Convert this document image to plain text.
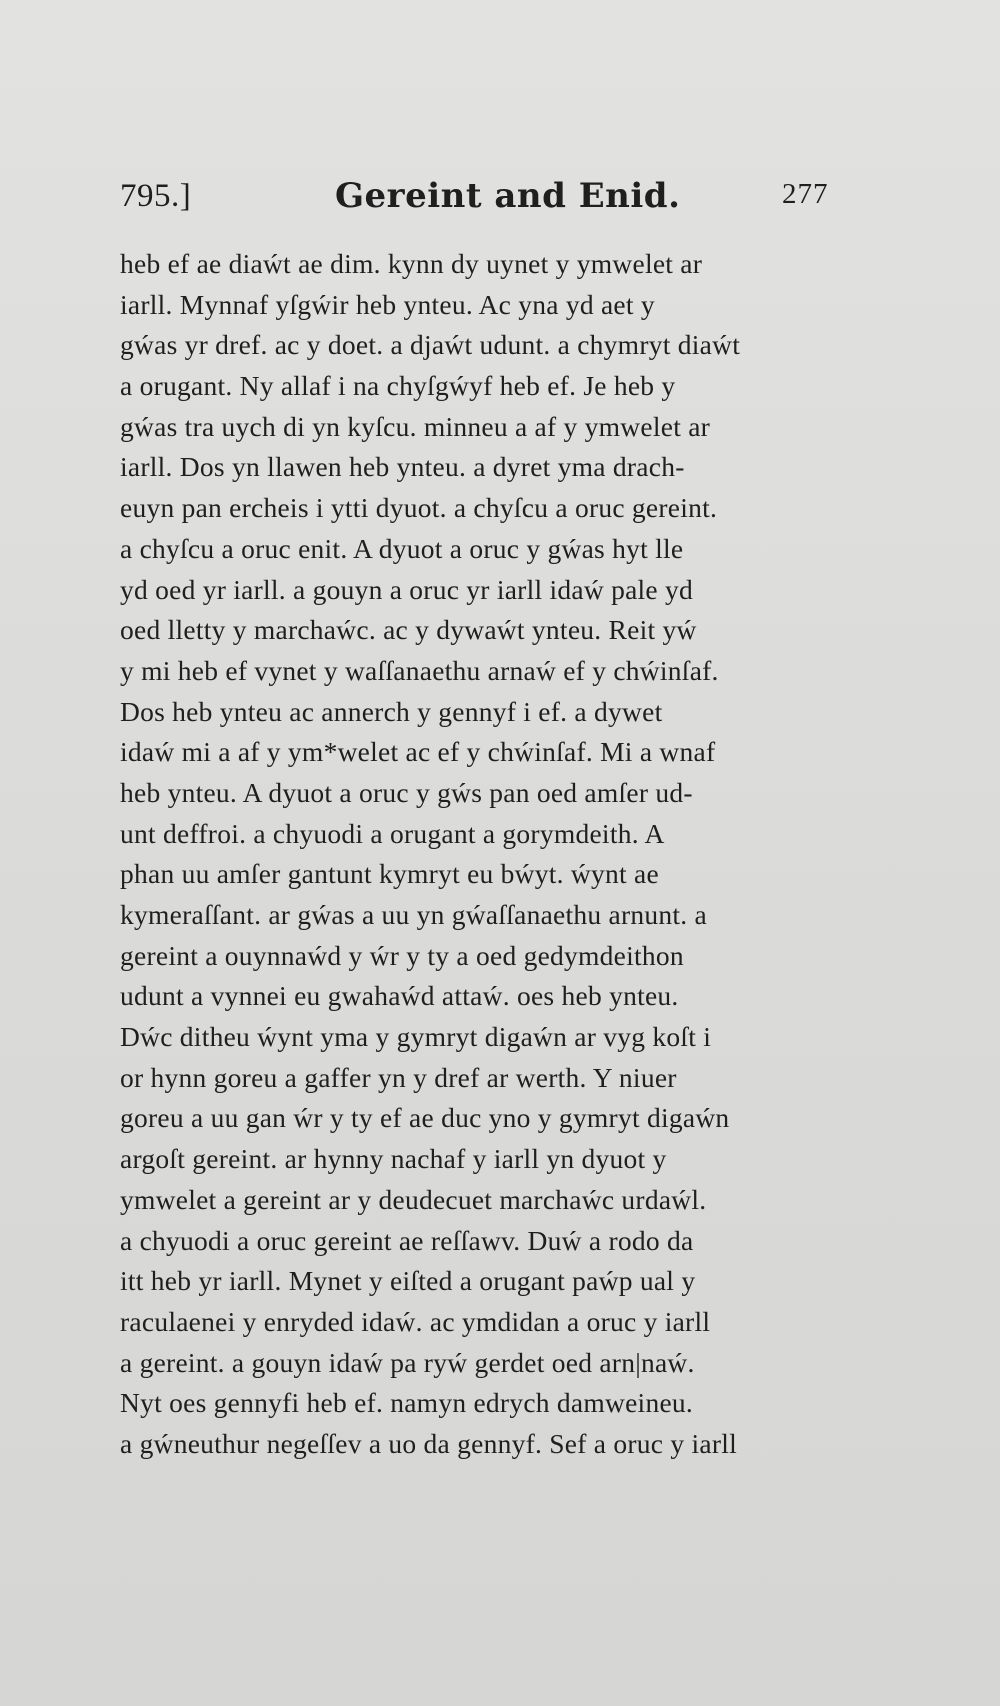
795.]	Gereint and Enid.	277
heb ef ae diaẃt ae dim. kynn dy uynet y ymwelet ar
iarll. Mynnaf yſgẃir heb ynteu. Ac yna yd aet y
gẃas yr dref. ac y doet. a djaẃt udunt. a chymryt diaẃt
a orugant. Ny allaf i na chyſgẃyf heb ef. Je heb y
gẃas tra uych di yn kyſcu. minneu a af y ymwelet ar
iarll. Dos yn llawen heb ynteu. a dyret yma drach-
euyn pan ercheis i ytti dyuot. a chyſcu a oruc gereint.
a chyſcu a oruc enit. A dyuot a oruc y gẃas hyt lle
yd oed yr iarll. a gouyn a oruc yr iarll idaẃ pale yd
oed lletty y marchaẃc. ac y dywaẃt ynteu. Reit yẃ
y mi heb ef vynet y waſſanaethu arnaẃ ef y chẃinſaf.
Dos heb ynteu ac annerch y gennyf i ef. a dywet
idaẃ mi a af y ym*welet ac ef y chẃinſaf. Mi a wnaf
heb ynteu. A dyuot a oruc y gẃs pan oed amſer ud-
unt deffroi. a chyuodi a orugant a gorymdeith. A
phan uu amſer gantunt kymryt eu bẃyt. ẃynt ae
kymeraſſant. ar gẃas a uu yn gẃaſſanaethu arnunt. a
gereint a ouynnaẃd y ẃr y ty a oed gedymdeithon
udunt a vynnei eu gwahaẃd attaẃ. oes heb ynteu.
Dẃc ditheu ẃynt yma y gymryt digaẃn ar vyg koſt i
or hynn goreu a gaffer yn y dref ar werth. Y niuer
goreu a uu gan ẃr y ty ef ae duc yno y gymryt digaẃn
argoſt gereint. ar hynny nachaf y iarll yn dyuot y
ymwelet a gereint ar y deudecuet marchaẃc urdaẃl.
a chyuodi a oruc gereint ae reſſawv. Duẃ a rodo da
itt heb yr iarll. Mynet y eiſted a orugant paẃp ual y
raculaenei y enryded idaẃ. ac ymdidan a oruc y iarll
a gereint. a gouyn idaẃ pa ryẃ gerdet oed arn|naẃ.
Nyt oes gennyfi heb ef. namyn edrych damweineu.
a gẃneuthur negeſſev a uo da gennyf. Sef a oruc y iarll
